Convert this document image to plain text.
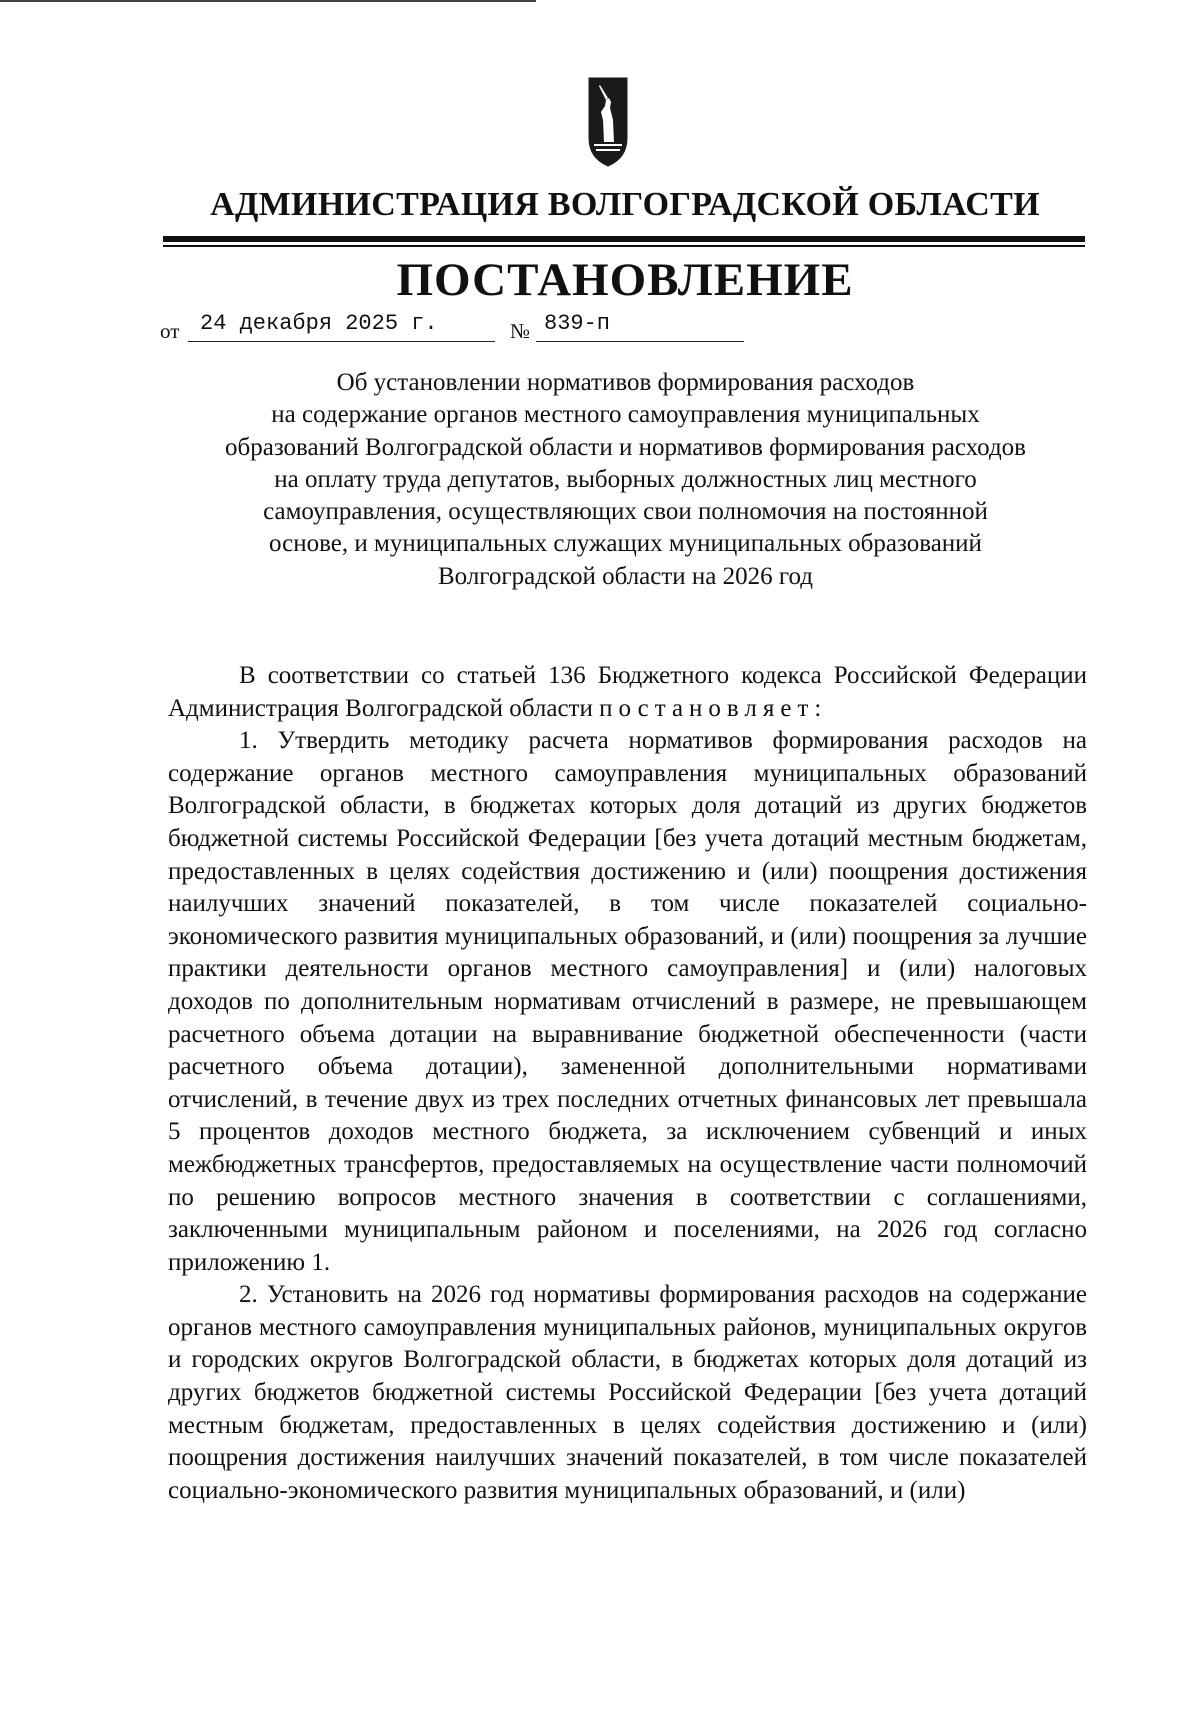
АДМИНИСТРАЦИЯ ВОЛГОГРАДСКОЙ ОБЛАСТИ
ПОСТАНОВЛЕНИЕ
от 24 декабря 2025 г.	№ 839-п
Об установлении нормативов формирования расходов
на содержание органов местного самоуправления муниципальных
образований Волгоградской области и нормативов формирования расходов
на оплату труда депутатов, выборных должностных лиц местного
самоуправления, осуществляющих свои полномочия на постоянной
основе, и муниципальных служащих муниципальных образований
Волгоградской области на 2026 год

В соответствии со статьей 136 Бюджетного кодекса Российской Федерации Администрация Волгоградской области постановляет:

1. Утвердить методику расчета нормативов формирования расходов на содержание органов местного самоуправления муниципальных образований Волгоградской области, в бюджетах которых доля дотаций из других бюджетов бюджетной системы Российской Федерации [без учета дотаций местным бюджетам, предоставленных в целях содействия достижению и (или) поощрения достижения наилучших значений показателей, в том числе показателей социально-экономического развития муниципальных образований, и (или) поощрения за лучшие практики деятельности органов местного самоуправления] и (или) налоговых доходов по дополнительным нормативам отчислений в размере, не превышающем расчетного объема дотации на выравнивание бюджетной обеспеченности (части расчетного объема дотации), замененной дополнительными нормативами отчислений, в течение двух из трех последних отчетных финансовых лет превышала 5 процентов доходов местного бюджета, за исключением субвенций и иных межбюджетных трансфертов, предоставляемых на осуществление части полномочий по решению вопросов местного значения в соответствии с соглашениями, заключенными муниципальным районом и поселениями, на 2026 год согласно приложению 1.

2. Установить на 2026 год нормативы формирования расходов на содержание органов местного самоуправления муниципальных районов, муниципальных округов и городских округов Волгоградской области, в бюджетах которых доля дотаций из других бюджетов бюджетной системы Российской Федерации [без учета дотаций местным бюджетам, предоставленных в целях содействия достижению и (или) поощрения достижения наилучших значений показателей, в том числе показателей социально-экономического развития муниципальных образований, и (или)
